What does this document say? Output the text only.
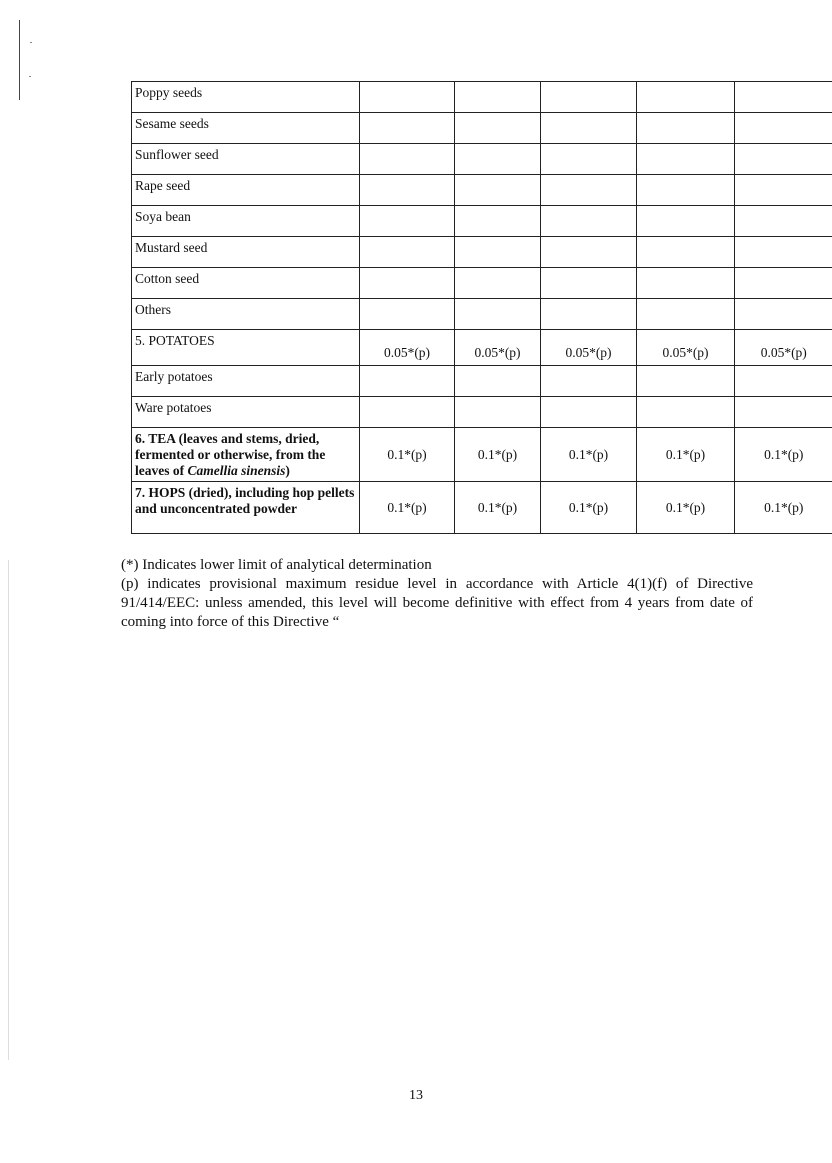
Poppy seeds					
Sesame seeds					
Sunflower seed					
Rape seed					
Soya bean					
Mustard seed					
Cotton seed					
Others					
5. POTATOES	0.05*(p)	0.05*(p)	0.05*(p)	0.05*(p)	0.05*(p)
Early potatoes					
Ware potatoes					
6. TEA (leaves and stems, dried, fermented or otherwise, from the leaves of Camellia sinensis)	0.1*(p)	0.1*(p)	0.1*(p)	0.1*(p)	0.1*(p)
7. HOPS (dried), including hop pellets and unconcentrated powder	0.1*(p)	0.1*(p)	0.1*(p)	0.1*(p)	0.1*(p)

(*) Indicates lower limit of analytical determination

(p) indicates provisional maximum residue level in accordance with Article 4(1)(f) of Directive 91/414/EEC: unless amended, this level will become definitive with effect from 4 years from date of coming into force of this Directive “

13
